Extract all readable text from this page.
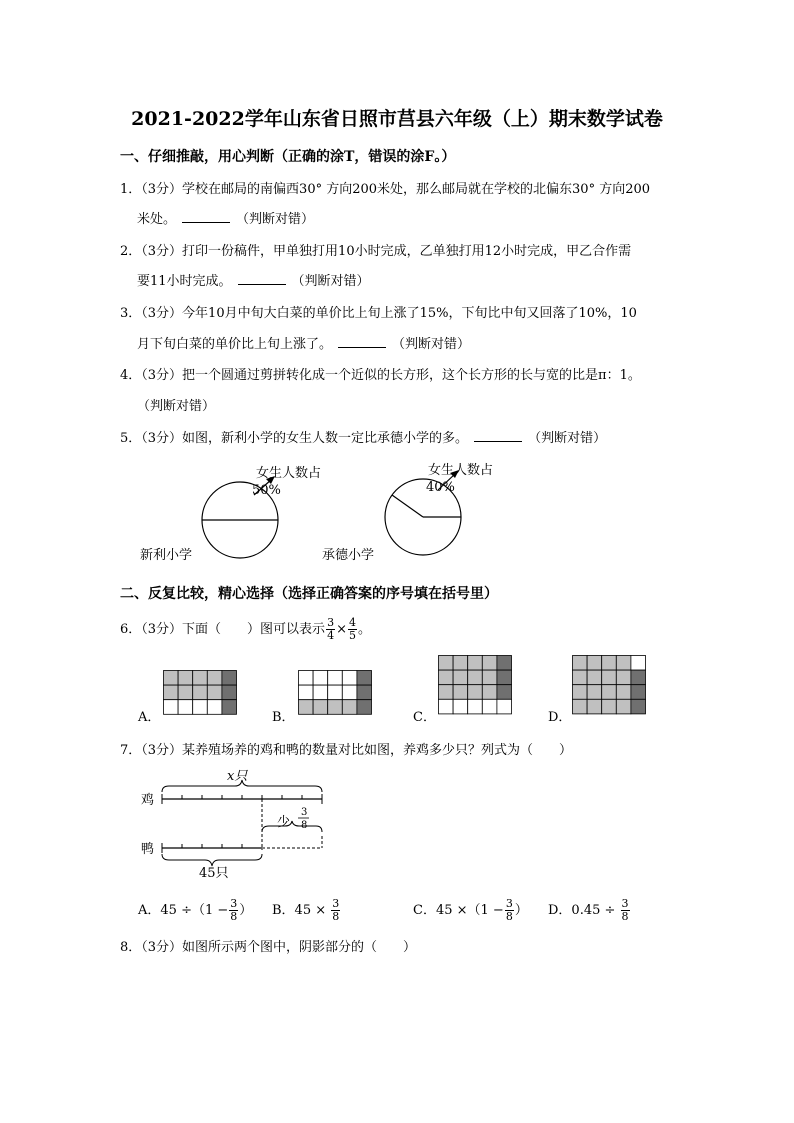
2021-2022学年山东省日照市莒县六年级（上）期末数学试卷
一、仔细推敲，用心判断（正确的涂T，错误的涂F。）
1．（3分）学校在邮局的南偏西30° 方向200米处，那么邮局就在学校的北偏东30° 方向200
米处。	（判断对错）
2．（3分）打印一份稿件，甲单独打用10小时完成，乙单独打用12小时完成，甲乙合作需
要11小时完成。	（判断对错）
3．（3分）今年10月中旬大白菜的单价比上旬上涨了15%，下旬比中旬又回落了10%，10
月下旬白菜的单价比上旬上涨了。	（判断对错）
4．（3分）把一个圆通过剪拼转化成一个近似的长方形，这个长方形的长与宽的比是π：1。
（判断对错）
5．（3分）如图，新利小学的女生人数一定比承德小学的多。	（判断对错）
女生人数占
50%
新利小学
女生人数占
40%
承德小学
二、反复比较，精心选择（选择正确答案的序号填在括号里）
6．（3分）下面（　　）图可以表示 $\frac{3}{4} \times \frac{4}{5}$ 。
A．	B．	C．	D．
7．（3分）某养殖场养的鸡和鸭的数量对比如图，养鸡多少只？列式为（　　）
鸡
鸭
x只
少
3
8
45只
A．$45 \div(1 - \frac{3}{8}$ ） B．$45 \times \frac{3}{8}$	C．$45 \times(1 - \frac{3}{8}$ ） D．$0.45 \div \frac{3}{8}$
8．（3分）如图所示两个图中，阴影部分的（　　）
